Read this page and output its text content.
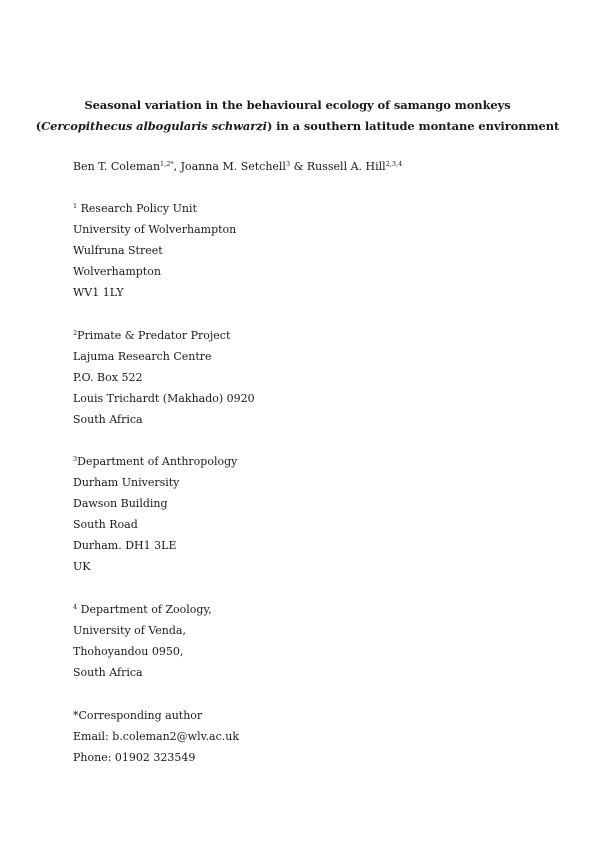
Seasonal variation in the behavioural ecology of samango monkeys
(Cercopithecus albogularis schwarzi) in a southern latitude montane environment
Ben T. Coleman$^{1,2*}$, Joanna M. Setchell$^3$ & Russell A. Hill$^{2,3,4}$
$^1$ Research Policy Unit
University of Wolverhampton
Wulfruna Street
Wolverhampton
WV1 1LY
$^2$Primate & Predator Project
Lajuma Research Centre
P.O. Box 522
Louis Trichardt (Makhado) 0920
South Africa
$^3$Department of Anthropology
Durham University
Dawson Building
South Road
Durham. DH1 3LE
UK
$^4$ Department of Zoology,
University of Venda,
Thohoyandou 0950,
South Africa
*Corresponding author
Email: b.coleman2@wlv.ac.uk
Phone: 01902 323549
